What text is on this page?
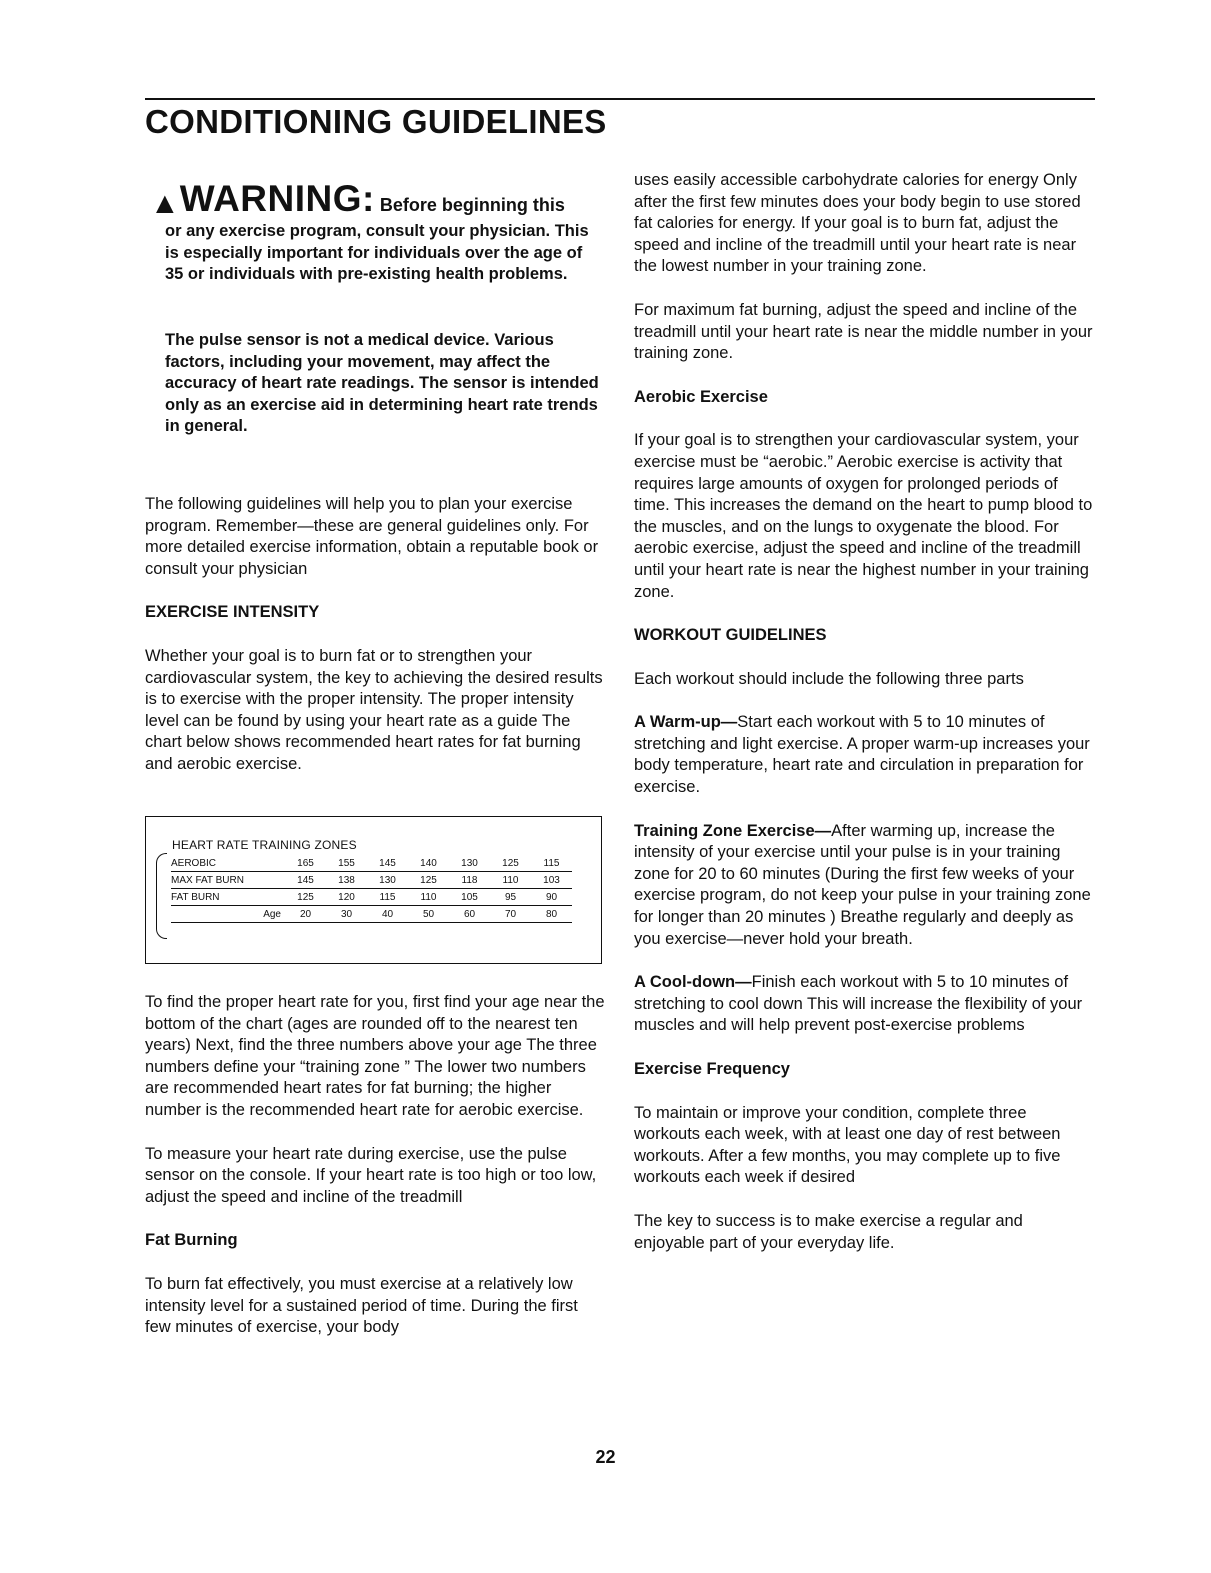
CONDITIONING GUIDELINES
▲WARNING: Before beginning this

or any exercise program, consult your physician. This is especially important for individuals over the age of 35 or individuals with pre-existing health problems.

The pulse sensor is not a medical device. Various factors, including your movement, may affect the accuracy of heart rate readings. The sensor is intended only as an exercise aid in determining heart rate trends in general.

The following guidelines will help you to plan your exercise program. Remember—these are general guidelines only. For more detailed exercise information, obtain a reputable book or consult your physician

EXERCISE INTENSITY

Whether your goal is to burn fat or to strengthen your cardiovascular system, the key to achieving the desired results is to exercise with the proper intensity. The proper intensity level can be found by using your heart rate as a guide The chart below shows recommended heart rates for fat burning and aerobic exercise.

HEART RATE TRAINING ZONES
AEROBIC	165	155	145	140	130	125	115
MAX FAT BURN	145	138	130	125	118	110	103
FAT BURN	125	120	115	110	105	95	90
Age	20	30	40	50	60	70	80

To find the proper heart rate for you, first find your age near the bottom of the chart (ages are rounded off to the nearest ten years) Next, find the three numbers above your age The three numbers define your “training zone ” The lower two numbers are recommended heart rates for fat burning; the higher number is the recommended heart rate for aerobic exercise.

To measure your heart rate during exercise, use the pulse sensor on the console. If your heart rate is too high or too low, adjust the speed and incline of the treadmill

Fat Burning

To burn fat effectively, you must exercise at a relatively low intensity level for a sustained period of time. During the first few minutes of exercise, your body

uses easily accessible carbohydrate calories for energy Only after the first few minutes does your body begin to use stored fat calories for energy. If your goal is to burn fat, adjust the speed and incline of the treadmill until your heart rate is near the lowest number in your training zone.

For maximum fat burning, adjust the speed and incline of the treadmill until your heart rate is near the middle number in your training zone.

Aerobic Exercise

If your goal is to strengthen your cardiovascular system, your exercise must be “aerobic.” Aerobic exercise is activity that requires large amounts of oxygen for prolonged periods of time. This increases the demand on the heart to pump blood to the muscles, and on the lungs to oxygenate the blood. For aerobic exercise, adjust the speed and incline of the treadmill until your heart rate is near the highest number in your training zone.

WORKOUT GUIDELINES

Each workout should include the following three parts

A Warm-up—Start each workout with 5 to 10 minutes of stretching and light exercise. A proper warm-up increases your body temperature, heart rate and circulation in preparation for exercise.

Training Zone Exercise—After warming up, increase the intensity of your exercise until your pulse is in your training zone for 20 to 60 minutes (During the first few weeks of your exercise program, do not keep your pulse in your training zone for longer than 20 minutes ) Breathe regularly and deeply as you exercise—never hold your breath.

A Cool-down—Finish each workout with 5 to 10 minutes of stretching to cool down This will increase the flexibility of your muscles and will help prevent post-exercise problems

Exercise Frequency

To maintain or improve your condition, complete three workouts each week, with at least one day of rest between workouts. After a few months, you may complete up to five workouts each week if desired

The key to success is to make exercise a regular and enjoyable part of your everyday life.

22
